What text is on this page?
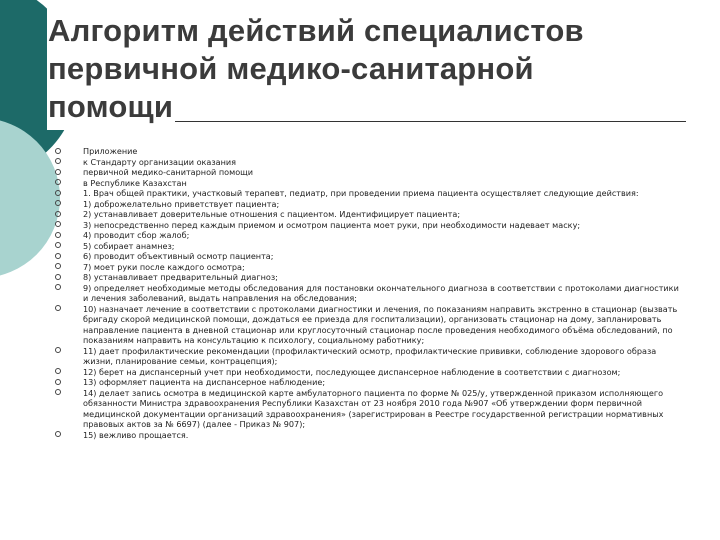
Алгоритм действий специалистов
первичной медико-санитарной
помощи
Приложение
к Стандарту организации оказания
первичной медико-санитарной помощи
в Республике Казахстан
1. Врач общей практики, участковый терапевт, педиатр, при проведении приема пациента осуществляет следующие действия:
1) доброжелательно приветствует пациента;
2) устанавливает доверительные отношения с пациентом. Идентифицирует пациента;
3) непосредственно перед каждым приемом и осмотром пациента моет руки, при необходимости надевает маску;
4) проводит сбор жалоб;
5) собирает анамнез;
6) проводит объективный осмотр пациента;
7) моет руки после каждого осмотра;
8) устанавливает предварительный диагноз;
9) определяет необходимые методы обследования для постановки окончательного диагноза в соответствии с протоколами диагностики и лечения заболеваний, выдать направления на обследования;
10) назначает лечение в соответствии с протоколами диагностики и лечения, по показаниям направить экстренно в стационар (вызвать бригаду скорой медицинской помощи, дождаться ее приезда для госпитализации), организовать стационар на дому, запланировать направление пациента в дневной стационар или круглосуточный стационар после проведения необходимого объёма обследований, по показаниям направить на консультацию к психологу, социальному работнику;
11) дает профилактические рекомендации (профилактический осмотр, профилактические прививки, соблюдение здорового образа жизни, планирование семьи, контрацепция);
12) берет на диспансерный учет при необходимости, последующее диспансерное наблюдение в соответствии с диагнозом;
13) оформляет пациента на диспансерное наблюдение;
14) делает запись осмотра в медицинской карте амбулаторного пациента по форме № 025/у, утвержденной приказом исполняющего обязанности Министра здравоохранения Республики Казахстан от 23 ноября 2010 года №907 «Об утверждении форм первичной медицинской документации организаций здравоохранения» (зарегистрирован в Реестре государственной регистрации нормативных правовых актов за № 6697) (далее - Приказ № 907);
15) вежливо прощается.
